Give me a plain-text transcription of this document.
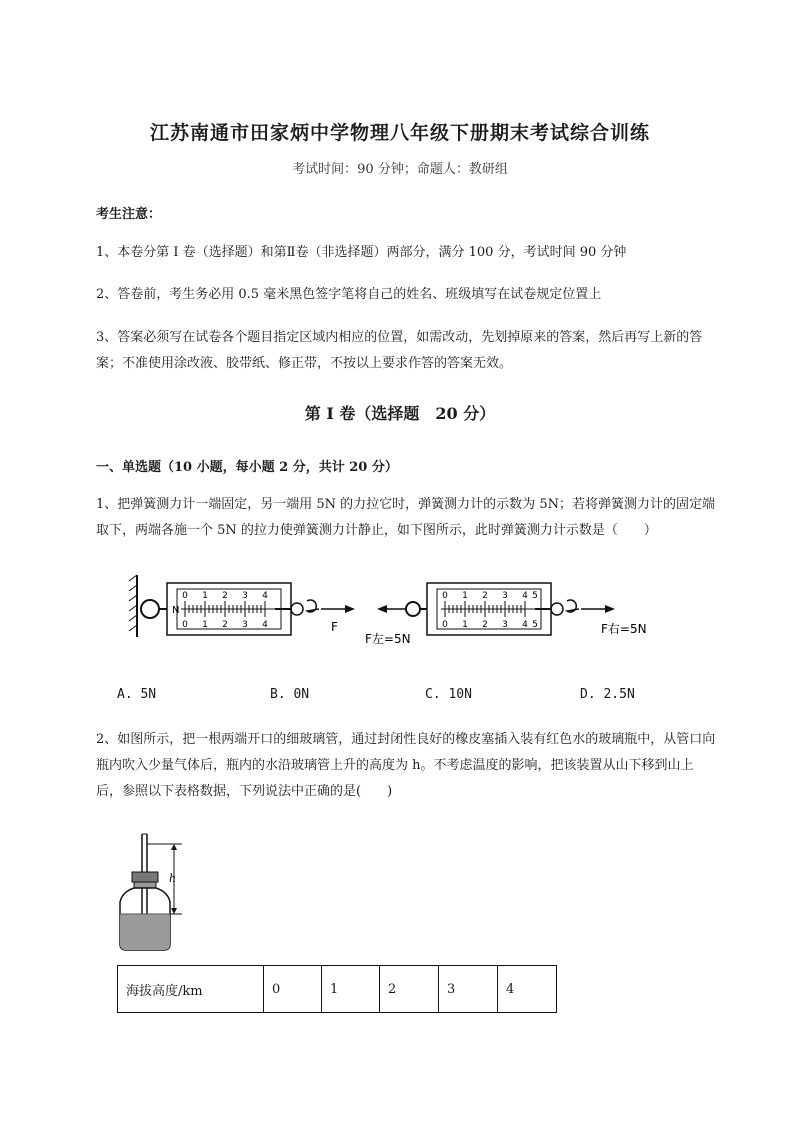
江苏南通市田家炳中学物理八年级下册期末考试综合训练
考试时间：90 分钟；命题人：教研组
考生注意：
1、本卷分第 I 卷（选择题）和第Ⅱ卷（非选择题）两部分，满分 100 分，考试时间 90 分钟
2、答卷前，考生务必用 0.5 毫米黑色签字笔将自己的姓名、班级填写在试卷规定位置上
3、答案必须写在试卷各个题目指定区域内相应的位置，如需改动，先划掉原来的答案，然后再写上新的答案；不准使用涂改液、胶带纸、修正带，不按以上要求作答的答案无效。
第 I 卷（选择题　20 分）
一、单选题（10 小题，每小题 2 分，共计 20 分）
1、把弹簧测力计一端固定，另一端用 5N 的力拉它时，弹簧测力计的示数为 5N；若将弹簧测力计的固定端取下，两端各施一个 5N 的拉力使弹簧测力计静止，如下图所示，此时弹簧测力计示数是（　　）
N
0 1 2 3 4
0 1 2 3 4	F
0 1 2 3 4 5
0 1 2 3 4 5	F右=5N
F左=5N
A. 5N	B. 0N	C. 10N	D. 2.5N
2、如图所示，把一根两端开口的细玻璃管，通过封闭性良好的橡皮塞插入装有红色水的玻璃瓶中，从管口向瓶内吹入少量气体后，瓶内的水沿玻璃管上升的高度为 h。不考虑温度的影响，把该装置从山下移到山上后，参照以下表格数据，下列说法中正确的是(　　)
h
海拔高度/km	0	1	2	3	4
